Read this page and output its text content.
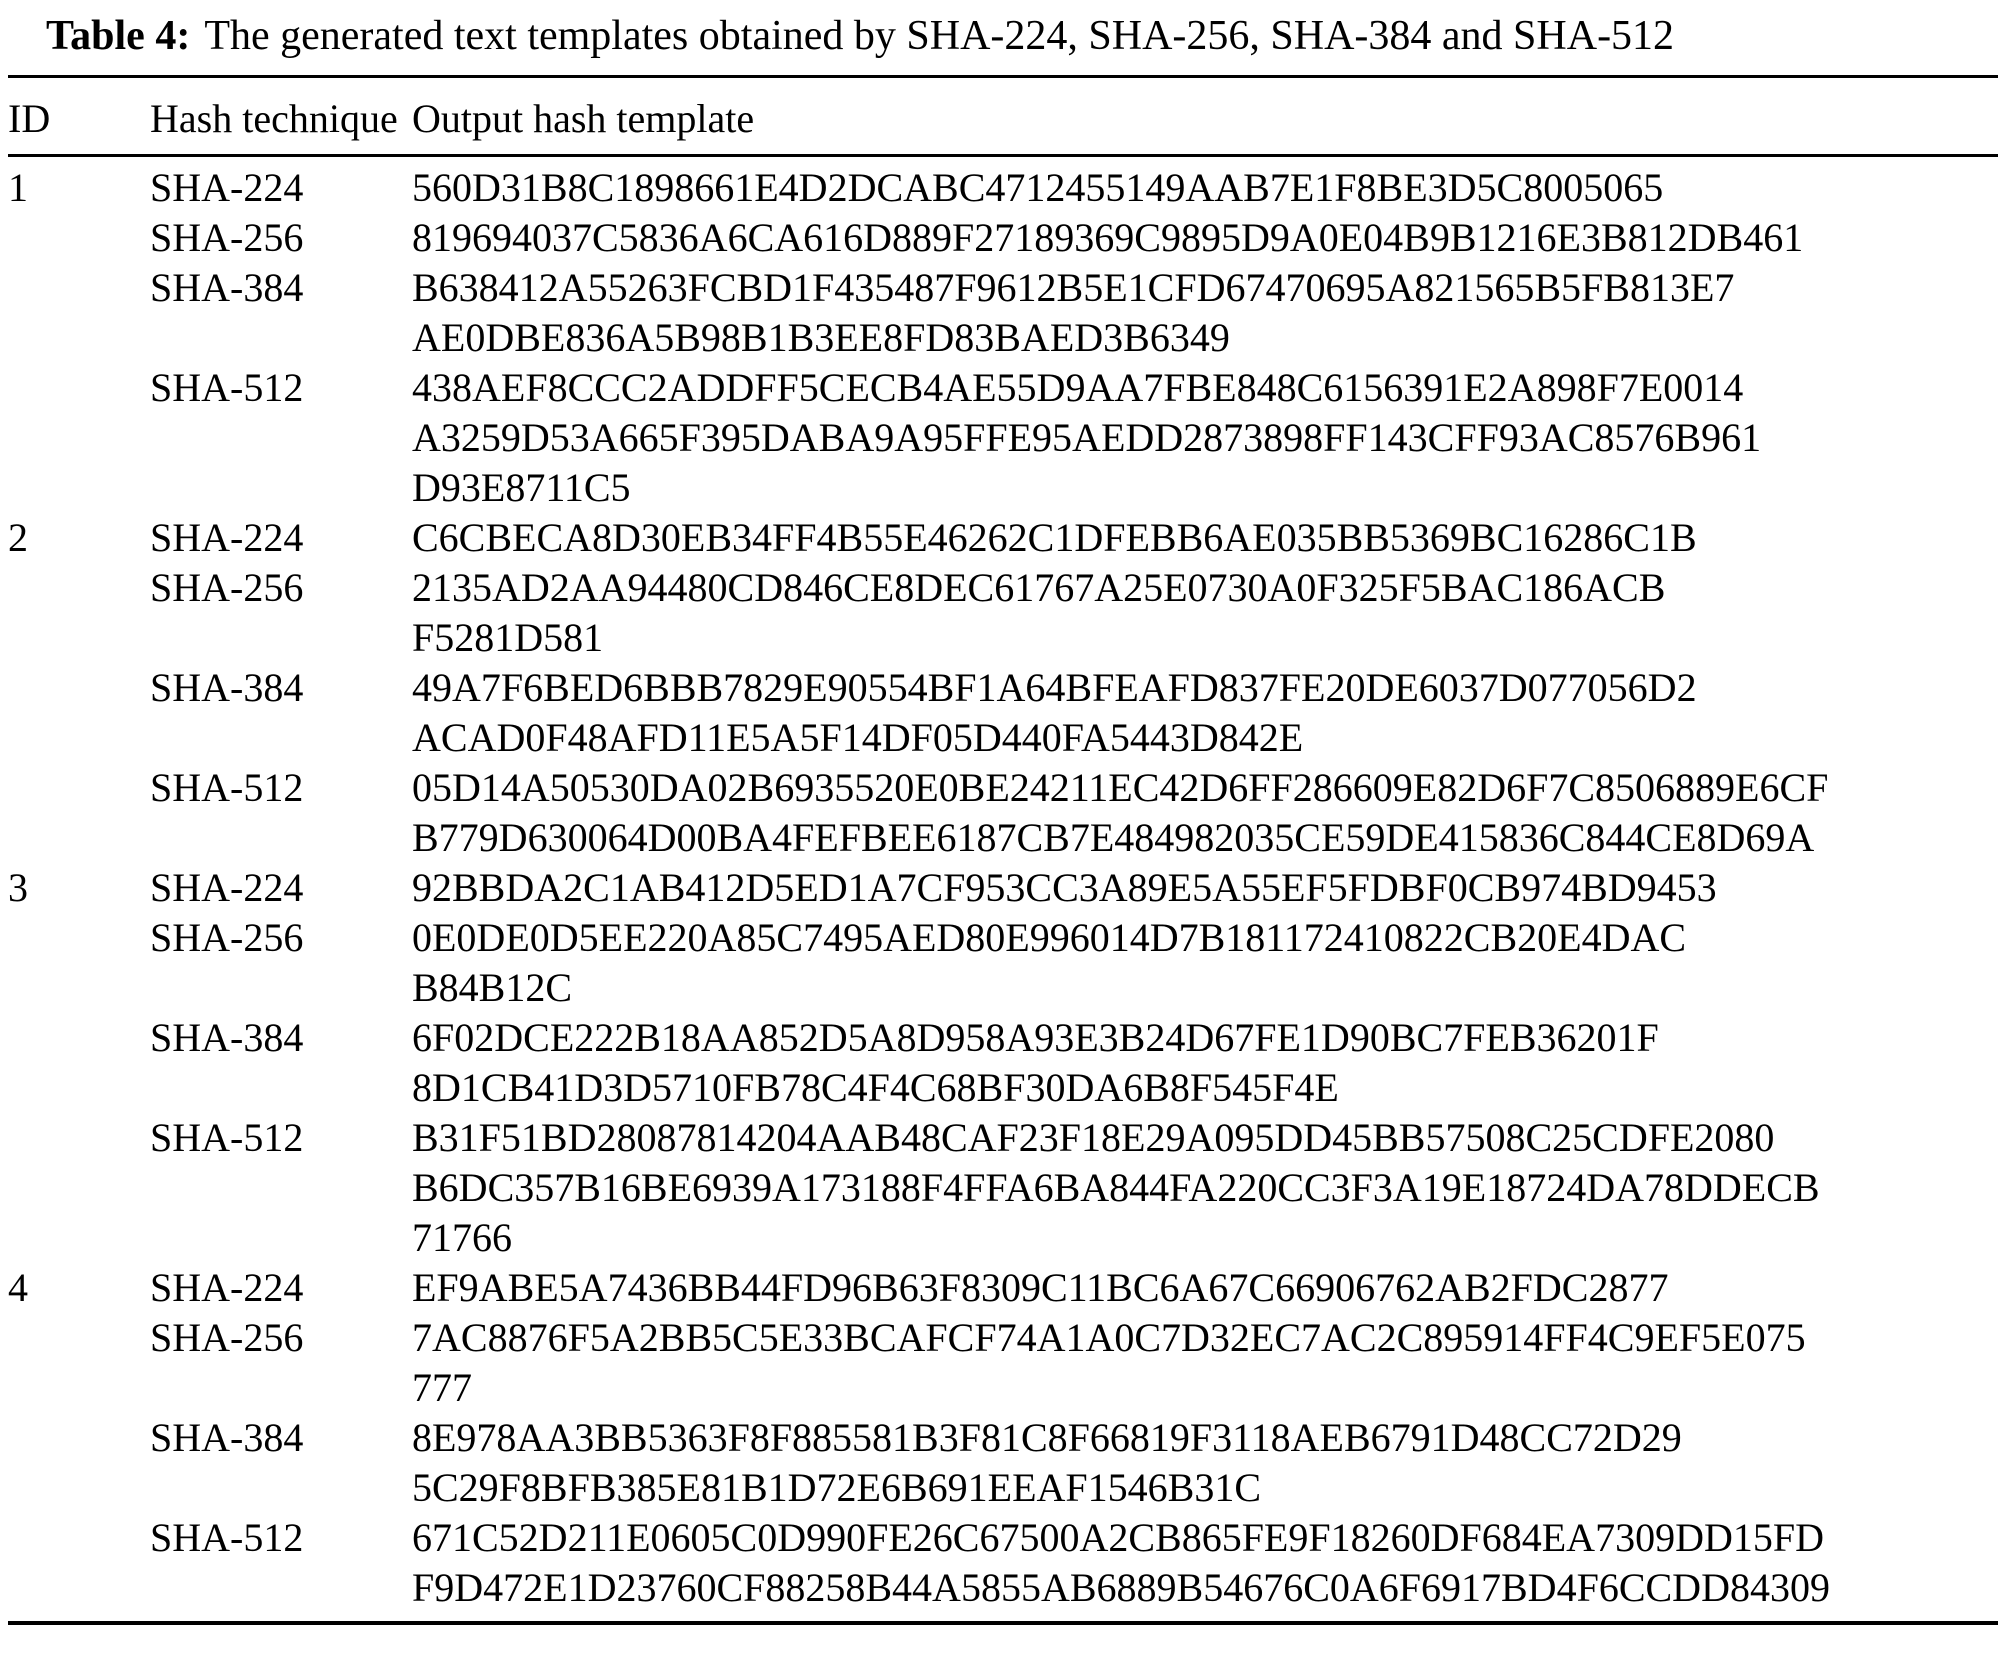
Table 4: The generated text templates obtained by SHA-224, SHA-256, SHA-384 and SHA-512
ID	Hash technique Output hash template
1	SHA-224	560D31B8C1898661E4D2DCABC4712455149AAB7E1F8BE3D5C8005065
SHA-256	819694037C5836A6CA616D889F27189369C9895D9A0E04B9B1216E3B812DB461
SHA-384	B638412A55263FCBD1F435487F9612B5E1CFD67470695A821565B5FB813E7
AE0DBE836A5B98B1B3EE8FD83BAED3B6349
SHA-512	438AEF8CCC2ADDFF5CECB4AE55D9AA7FBE848C6156391E2A898F7E0014
A3259D53A665F395DABA9A95FFE95AEDD2873898FF143CFF93AC8576B961
D93E8711C5
2	SHA-224	C6CBECA8D30EB34FF4B55E46262C1DFEBB6AE035BB5369BC16286C1B
SHA-256	2135AD2AA94480CD846CE8DEC61767A25E0730A0F325F5BAC186ACB
F5281D581
SHA-384	49A7F6BED6BBB7829E90554BF1A64BFEAFD837FE20DE6037D077056D2
ACAD0F48AFD11E5A5F14DF05D440FA5443D842E
SHA-512	05D14A50530DA02B6935520E0BE24211EC42D6FF286609E82D6F7C8506889E6CF
B779D630064D00BA4FEFBEE6187CB7E484982035CE59DE415836C844CE8D69A
3	SHA-224	92BBDA2C1AB412D5ED1A7CF953CC3A89E5A55EF5FDBF0CB974BD9453
SHA-256	0E0DE0D5EE220A85C7495AED80E996014D7B181172410822CB20E4DAC
B84B12C
SHA-384	6F02DCE222B18AA852D5A8D958A93E3B24D67FE1D90BC7FEB36201F
8D1CB41D3D5710FB78C4F4C68BF30DA6B8F545F4E
SHA-512	B31F51BD28087814204AAB48CAF23F18E29A095DD45BB57508C25CDFE2080
B6DC357B16BE6939A173188F4FFA6BA844FA220CC3F3A19E18724DA78DDECB
71766
4	SHA-224	EF9ABE5A7436BB44FD96B63F8309C11BC6A67C66906762AB2FDC2877
SHA-256	7AC8876F5A2BB5C5E33BCAFCF74A1A0C7D32EC7AC2C895914FF4C9EF5E075
777
SHA-384	8E978AA3BB5363F8F885581B3F81C8F66819F3118AEB6791D48CC72D29
5C29F8BFB385E81B1D72E6B691EEAF1546B31C
SHA-512	671C52D211E0605C0D990FE26C67500A2CB865FE9F18260DF684EA7309DD15FD
F9D472E1D23760CF88258B44A5855AB6889B54676C0A6F6917BD4F6CCDD84309
